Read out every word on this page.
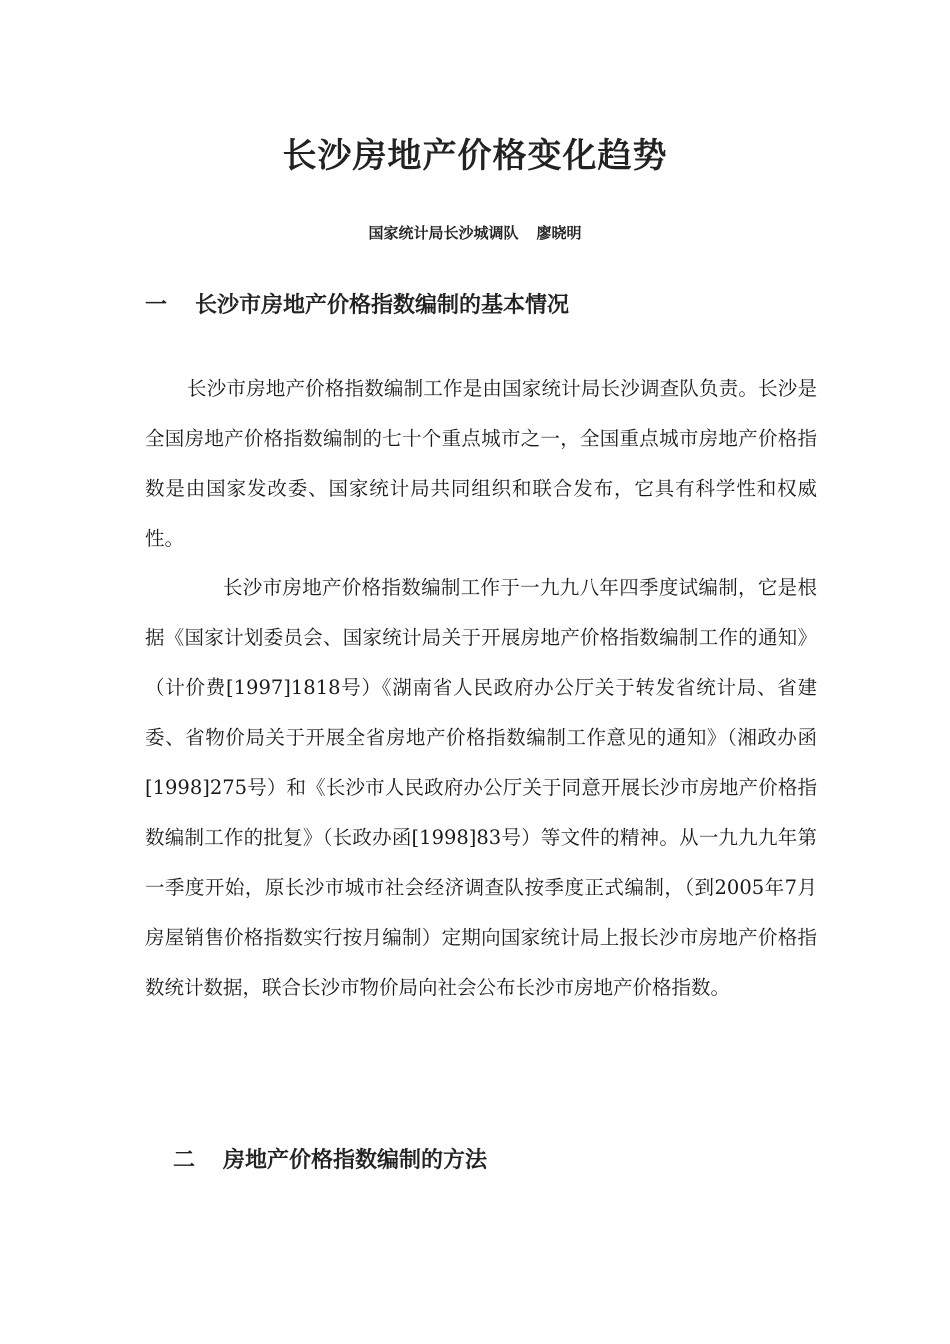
长沙房地产价格变化趋势
国家统计局长沙城调队 廖晓明
一 长沙市房地产价格指数编制的基本情况

长沙市房地产价格指数编制工作是由国家统计局长沙调查队负责。长沙是全国房地产价格指数编制的七十个重点城市之一，全国重点城市房地产价格指数是由国家发改委、国家统计局共同组织和联合发布，它具有科学性和权威性。

长沙市房地产价格指数编制工作于一九九八年四季度试编制，它是根据《国家计划委员会、国家统计局关于开展房地产价格指数编制工作的通知》（计价费[1997]1818号）《湖南省人民政府办公厅关于转发省统计局、省建委、省物价局关于开展全省房地产价格指数编制工作意见的通知》（湘政办函[1998]275号）和《长沙市人民政府办公厅关于同意开展长沙市房地产价格指数编制工作的批复》（长政办函[1998]83号）等文件的精神。从一九九九年第一季度开始，原长沙市城市社会经济调查队按季度正式编制，（到2005年7月房屋销售价格指数实行按月编制）定期向国家统计局上报长沙市房地产价格指数统计数据，联合长沙市物价局向社会公布长沙市房地产价格指数。

二 房地产价格指数编制的方法
